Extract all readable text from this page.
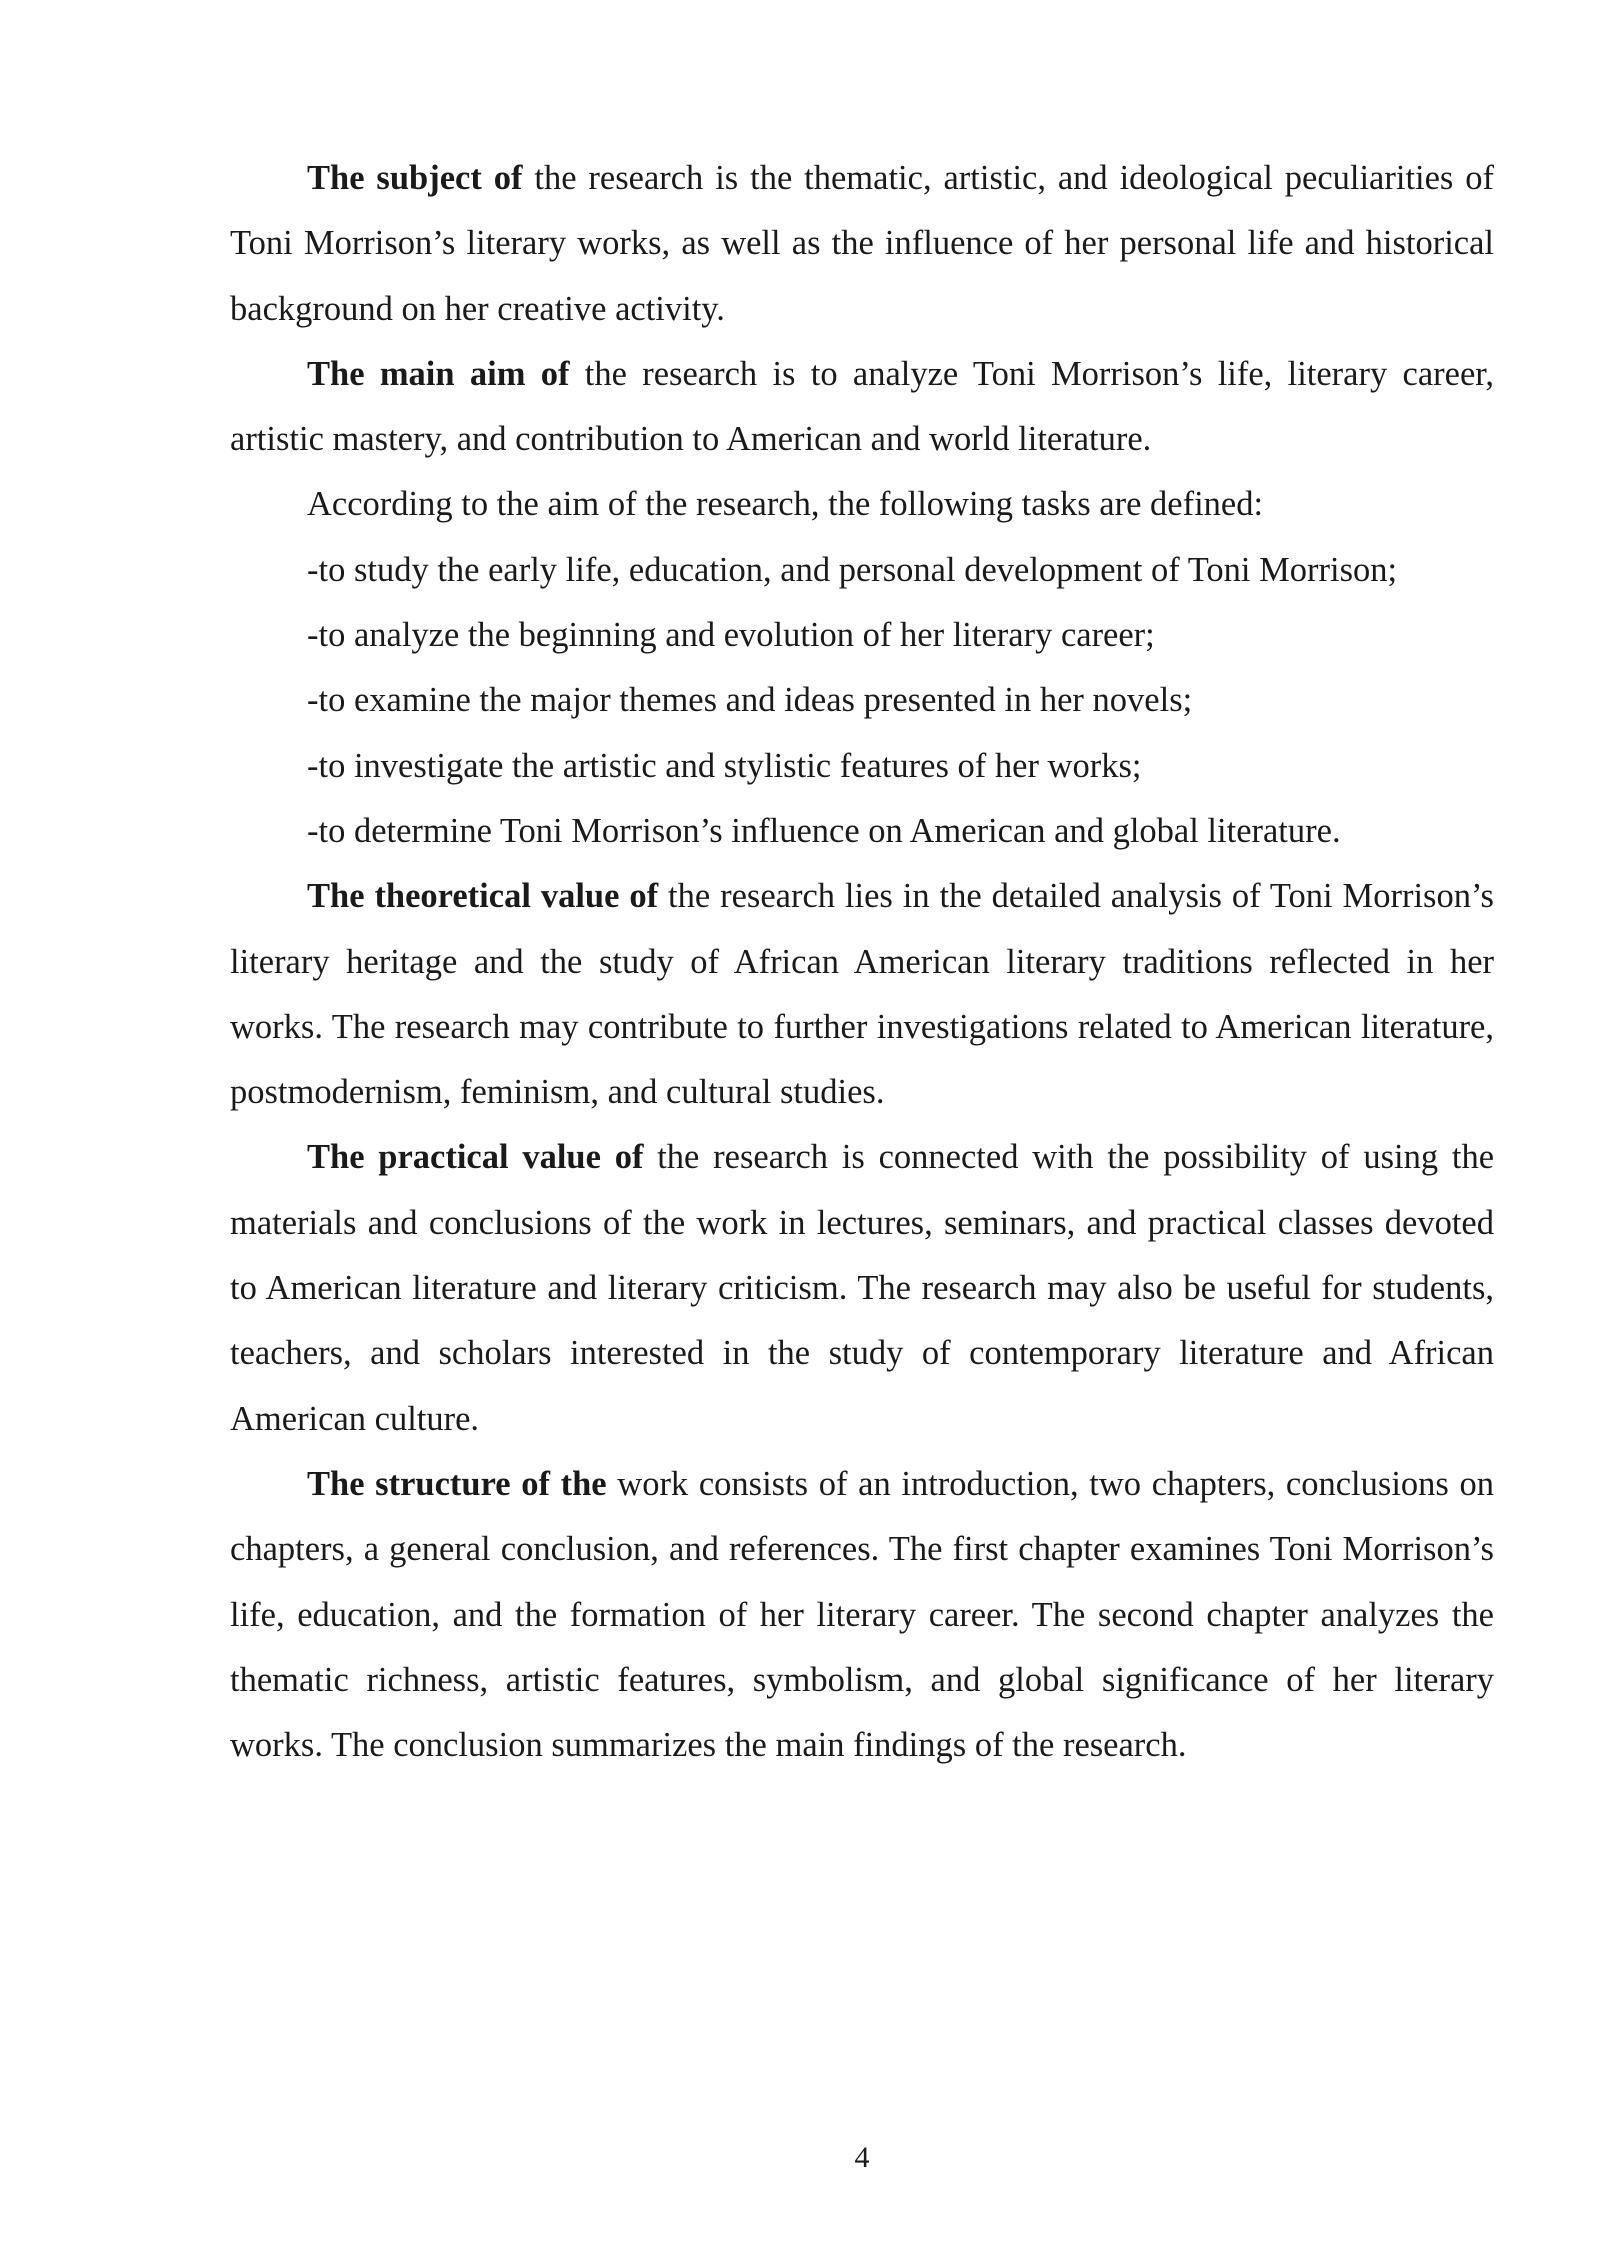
The subject of the research is the thematic, artistic, and ideological peculiarities of Toni Morrison’s literary works, as well as the influence of her personal life and historical background on her creative activity.

The main aim of the research is to analyze Toni Morrison’s life, literary career, artistic mastery, and contribution to American and world literature.

According to the aim of the research, the following tasks are defined:

-to study the early life, education, and personal development of Toni Morrison;

-to analyze the beginning and evolution of her literary career;

-to examine the major themes and ideas presented in her novels;

-to investigate the artistic and stylistic features of her works;

-to determine Toni Morrison’s influence on American and global literature.

The theoretical value of the research lies in the detailed analysis of Toni Morrison’s literary heritage and the study of African American literary traditions reflected in her works. The research may contribute to further investigations related to American literature, postmodernism, feminism, and cultural studies.

The practical value of the research is connected with the possibility of using the materials and conclusions of the work in lectures, seminars, and practical classes devoted to American literature and literary criticism. The research may also be useful for students, teachers, and scholars interested in the study of contemporary literature and African American culture.

The structure of the work consists of an introduction, two chapters, conclusions on chapters, a general conclusion, and references. The first chapter examines Toni Morrison’s life, education, and the formation of her literary career. The second chapter analyzes the thematic richness, artistic features, symbolism, and global significance of her literary works. The conclusion summarizes the main findings of the research.

4
